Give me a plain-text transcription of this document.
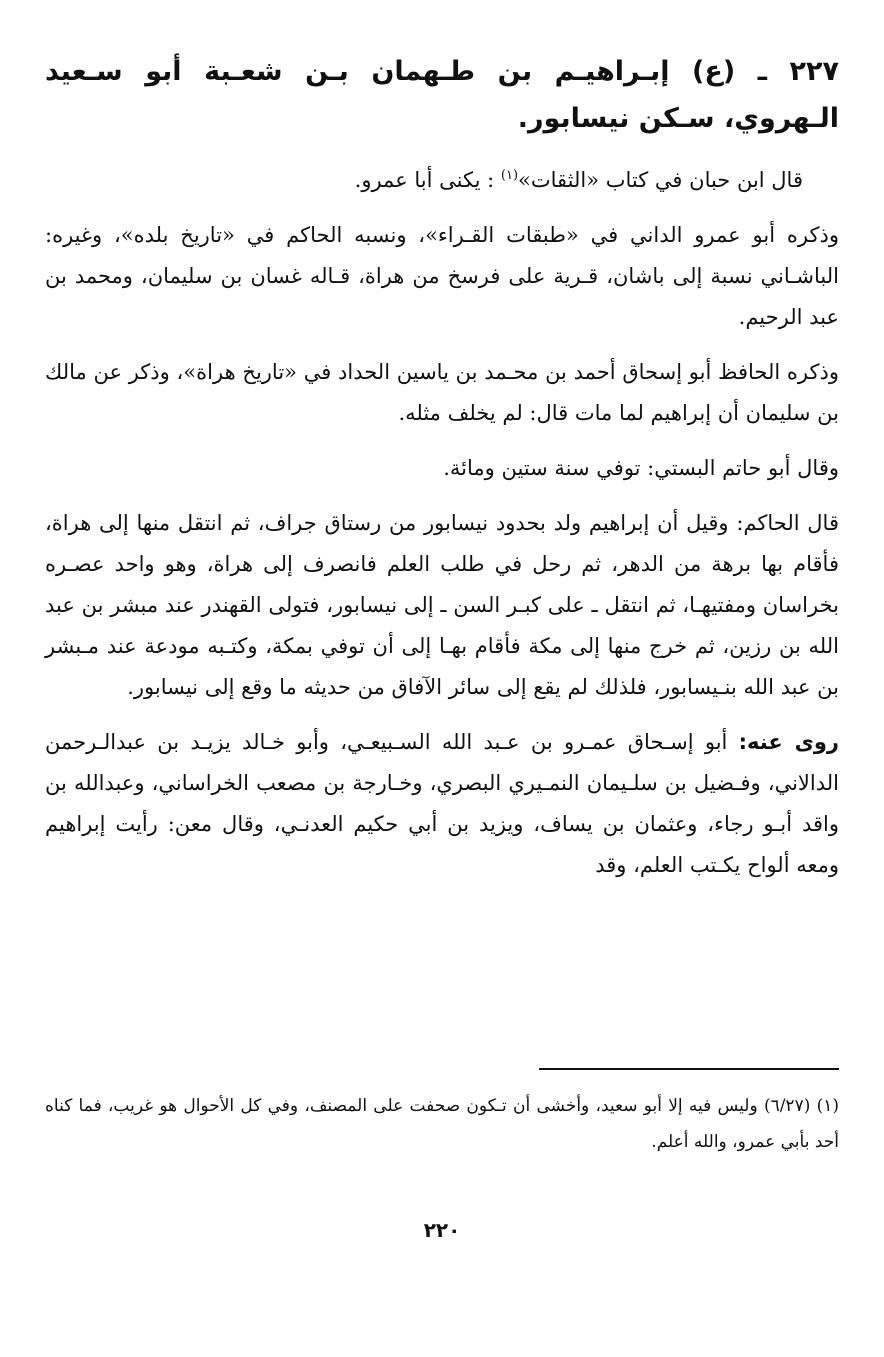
٢٢٧ ـ (ع) إبـراهيـم بن طـهمان بـن شعـبة أبو سـعيد الـهروي، سـكن نيسابور.

قال ابن حبان في كتاب «الثقات»$^{(١)}$ : يكنى أبا عمرو.

وذكره أبو عمرو الداني في «طبقات القـراء»، ونسبه الحاكم في «تاريخ بلده»، وغيره: الباشـاني نسبة إلى باشان، قـرية على فرسخ من هراة، قـاله غسان بن سليمان، ومحمد بن عبد الرحيم.

وذكره الحافظ أبو إسحاق أحمد بن محـمد بن ياسين الحداد في «تاريخ هراة»، وذكر عن مالك بن سليمان أن إبراهيم لما مات قال: لم يخلف مثله.

وقال أبو حاتم البستي: توفي سنة ستين ومائة.

قال الحاكم: وقيل أن إبراهيم ولد بحدود نيسابور من رستاق جراف، ثم انتقل منها إلى هراة، فأقام بها برهة من الدهر، ثم رحل في طلب العلم فانصرف إلى هراة، وهو واحد عصـره بخراسان ومفتيهـا، ثم انتقل ـ على كبـر السن ـ إلى نيسابور، فتولى القهندر عند مبشر بن عبد الله بن رزين، ثم خرج منها إلى مكة فأقام بهـا إلى أن توفي بمكة، وكتـبه مودعة عند مـبشر بن عبد الله بنـيسابور، فلذلك لم يقع إلى سائر الآفاق من حديثه ما وقع إلى نيسابور.

روى عنه: أبو إسـحاق عمـرو بن عـبد الله السـبيعـي، وأبو خـالد يزيـد بن عبدالـرحمن الدالاني، وفـضيل بن سلـيمان النمـيري البصري، وخـارجة بن مصعب الخراساني، وعبدالله بن واقد أبـو رجاء، وعثمان بن يساف، ويزيد بن أبي حكيم العدنـي، وقال معن: رأيت إبراهيم ومعه ألواح يكـتب العلم، وقد

(١) (٦/٢٧) وليس فيه إلا أبو سعيد، وأخشى أن تـكون صحفت على المصنف، وفي كل الأحوال هو غريب، فما كناه أحد بأبي عمرو، والله أعلم.
٢٢٠
